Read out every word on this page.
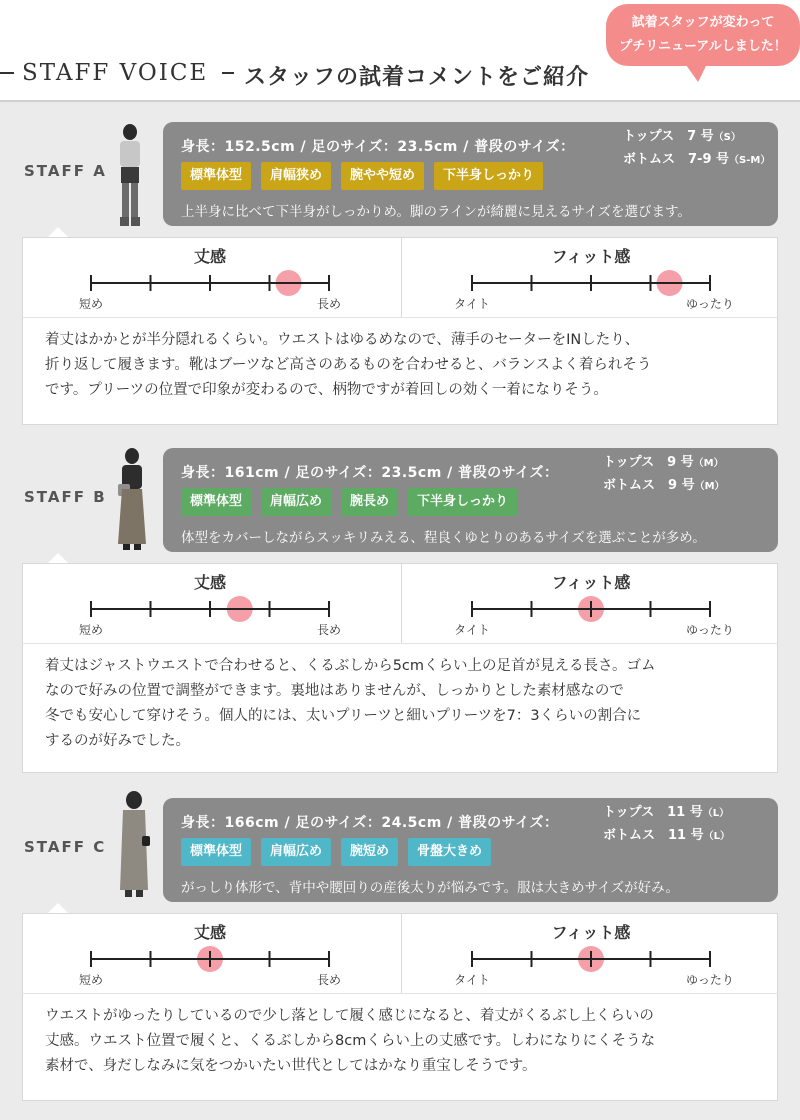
STAFF VOICE スタッフの試着コメントをご紹介
試着スタッフが変わって
プチリニューアルしました！
STAFF A
身長：152.5cm / 足のサイズ：23.5cm / 普段のサイズ：
トップス　7 号（S）
ボトムス　7-9 号（S-M）
標準体型	肩幅狭め	腕やや短め	下半身しっかり
上半身に比べて下半身がしっかりめ。脚のラインが綺麗に見えるサイズを選びます。
丈感
短め	長め
フィット感
タイト	ゆったり
着丈はかかとが半分隠れるくらい。ウエストはゆるめなので、薄手のセーターをINしたり、
折り返して履きます。靴はブーツなど高さのあるものを合わせると、バランスよく着られそう
です。プリーツの位置で印象が変わるので、柄物ですが着回しの効く一着になりそう。
STAFF B
身長：161cm / 足のサイズ：23.5cm / 普段のサイズ：
トップス　9 号（M）
ボトムス　9 号（M）
標準体型	肩幅広め	腕長め	下半身しっかり
体型をカバーしながらスッキリみえる、程良くゆとりのあるサイズを選ぶことが多め。
丈感
短め	長め
フィット感
タイト	ゆったり
着丈はジャストウエストで合わせると、くるぶしから5cmくらい上の足首が見える長さ。ゴム
なので好みの位置で調整ができます。裏地はありませんが、しっかりとした素材感なので
冬でも安心して穿けそう。個人的には、太いプリーツと細いプリーツを7：3くらいの割合に
するのが好みでした。
STAFF C
身長：166cm / 足のサイズ：24.5cm / 普段のサイズ：
トップス　11 号（L）
ボトムス　11 号（L）
標準体型	肩幅広め	腕短め	骨盤大きめ
がっしり体形で、背中や腰回りの産後太りが悩みです。服は大きめサイズが好み。
丈感
短め	長め
フィット感
タイト	ゆったり
ウエストがゆったりしているので少し落として履く感じになると、着丈がくるぶし上くらいの
丈感。ウエスト位置で履くと、くるぶしから8cmくらい上の丈感です。しわになりにくそうな
素材で、身だしなみに気をつかいたい世代としてはかなり重宝しそうです。
